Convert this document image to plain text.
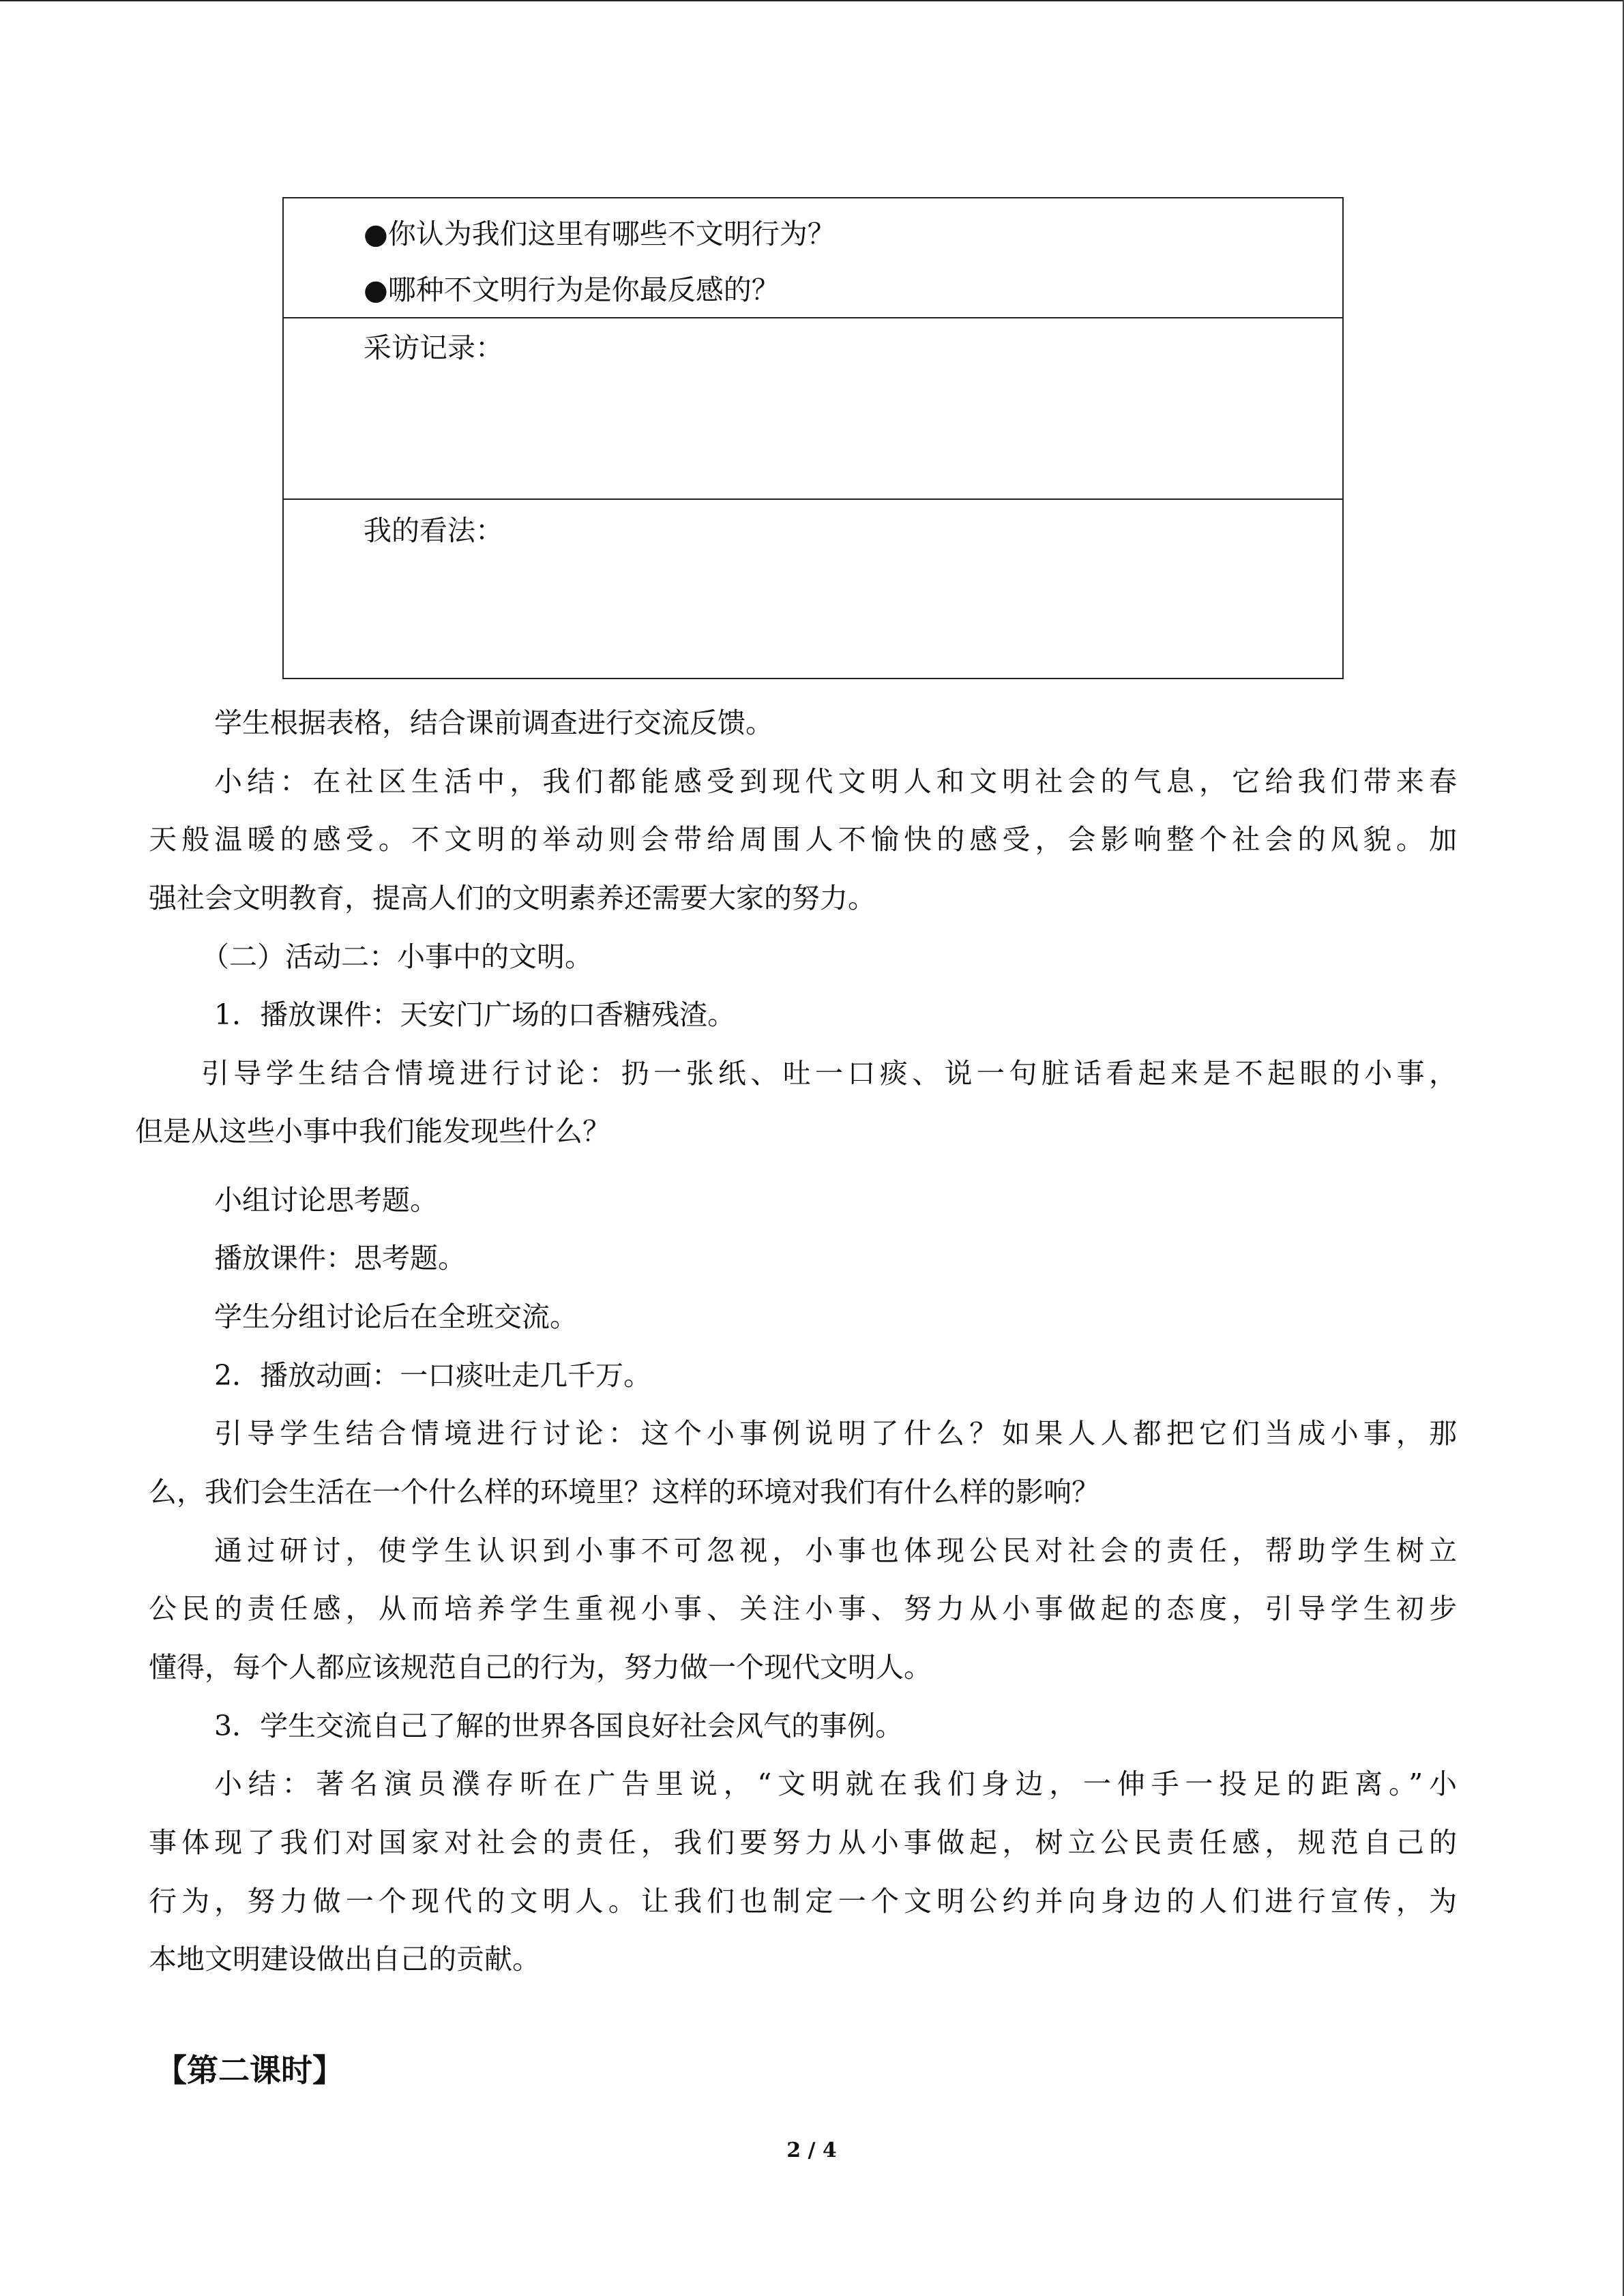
●你认为我们这里有哪些不文明行为？
●哪种不文明行为是你最反感的？
采访记录：
我的看法：
学生根据表格，结合课前调查进行交流反馈。
小结：在社区生活中，我们都能感受到现代文明人和文明社会的气息，它给我们带来春
天般温暖的感受。不文明的举动则会带给周围人不愉快的感受，会影响整个社会的风貌。加
强社会文明教育，提高人们的文明素养还需要大家的努力。
（二）活动二：小事中的文明。
1．播放课件：天安门广场的口香糖残渣。
引导学生结合情境进行讨论：扔一张纸、吐一口痰、说一句脏话看起来是不起眼的小事，
但是从这些小事中我们能发现些什么？
小组讨论思考题。
播放课件：思考题。
学生分组讨论后在全班交流。
2．播放动画：一口痰吐走几千万。
引导学生结合情境进行讨论：这个小事例说明了什么？如果人人都把它们当成小事，那
么，我们会生活在一个什么样的环境里？这样的环境对我们有什么样的影响？
通过研讨，使学生认识到小事不可忽视，小事也体现公民对社会的责任，帮助学生树立
公民的责任感，从而培养学生重视小事、关注小事、努力从小事做起的态度，引导学生初步
懂得，每个人都应该规范自己的行为，努力做一个现代文明人。
3．学生交流自己了解的世界各国良好社会风气的事例。
小结：著名演员濮存昕在广告里说，“文明就在我们身边，一伸手一投足的距离。”小
事体现了我们对国家对社会的责任，我们要努力从小事做起，树立公民责任感，规范自己的
行为，努力做一个现代的文明人。让我们也制定一个文明公约并向身边的人们进行宣传，为
本地文明建设做出自己的贡献。
【第二课时】
2 / 4
